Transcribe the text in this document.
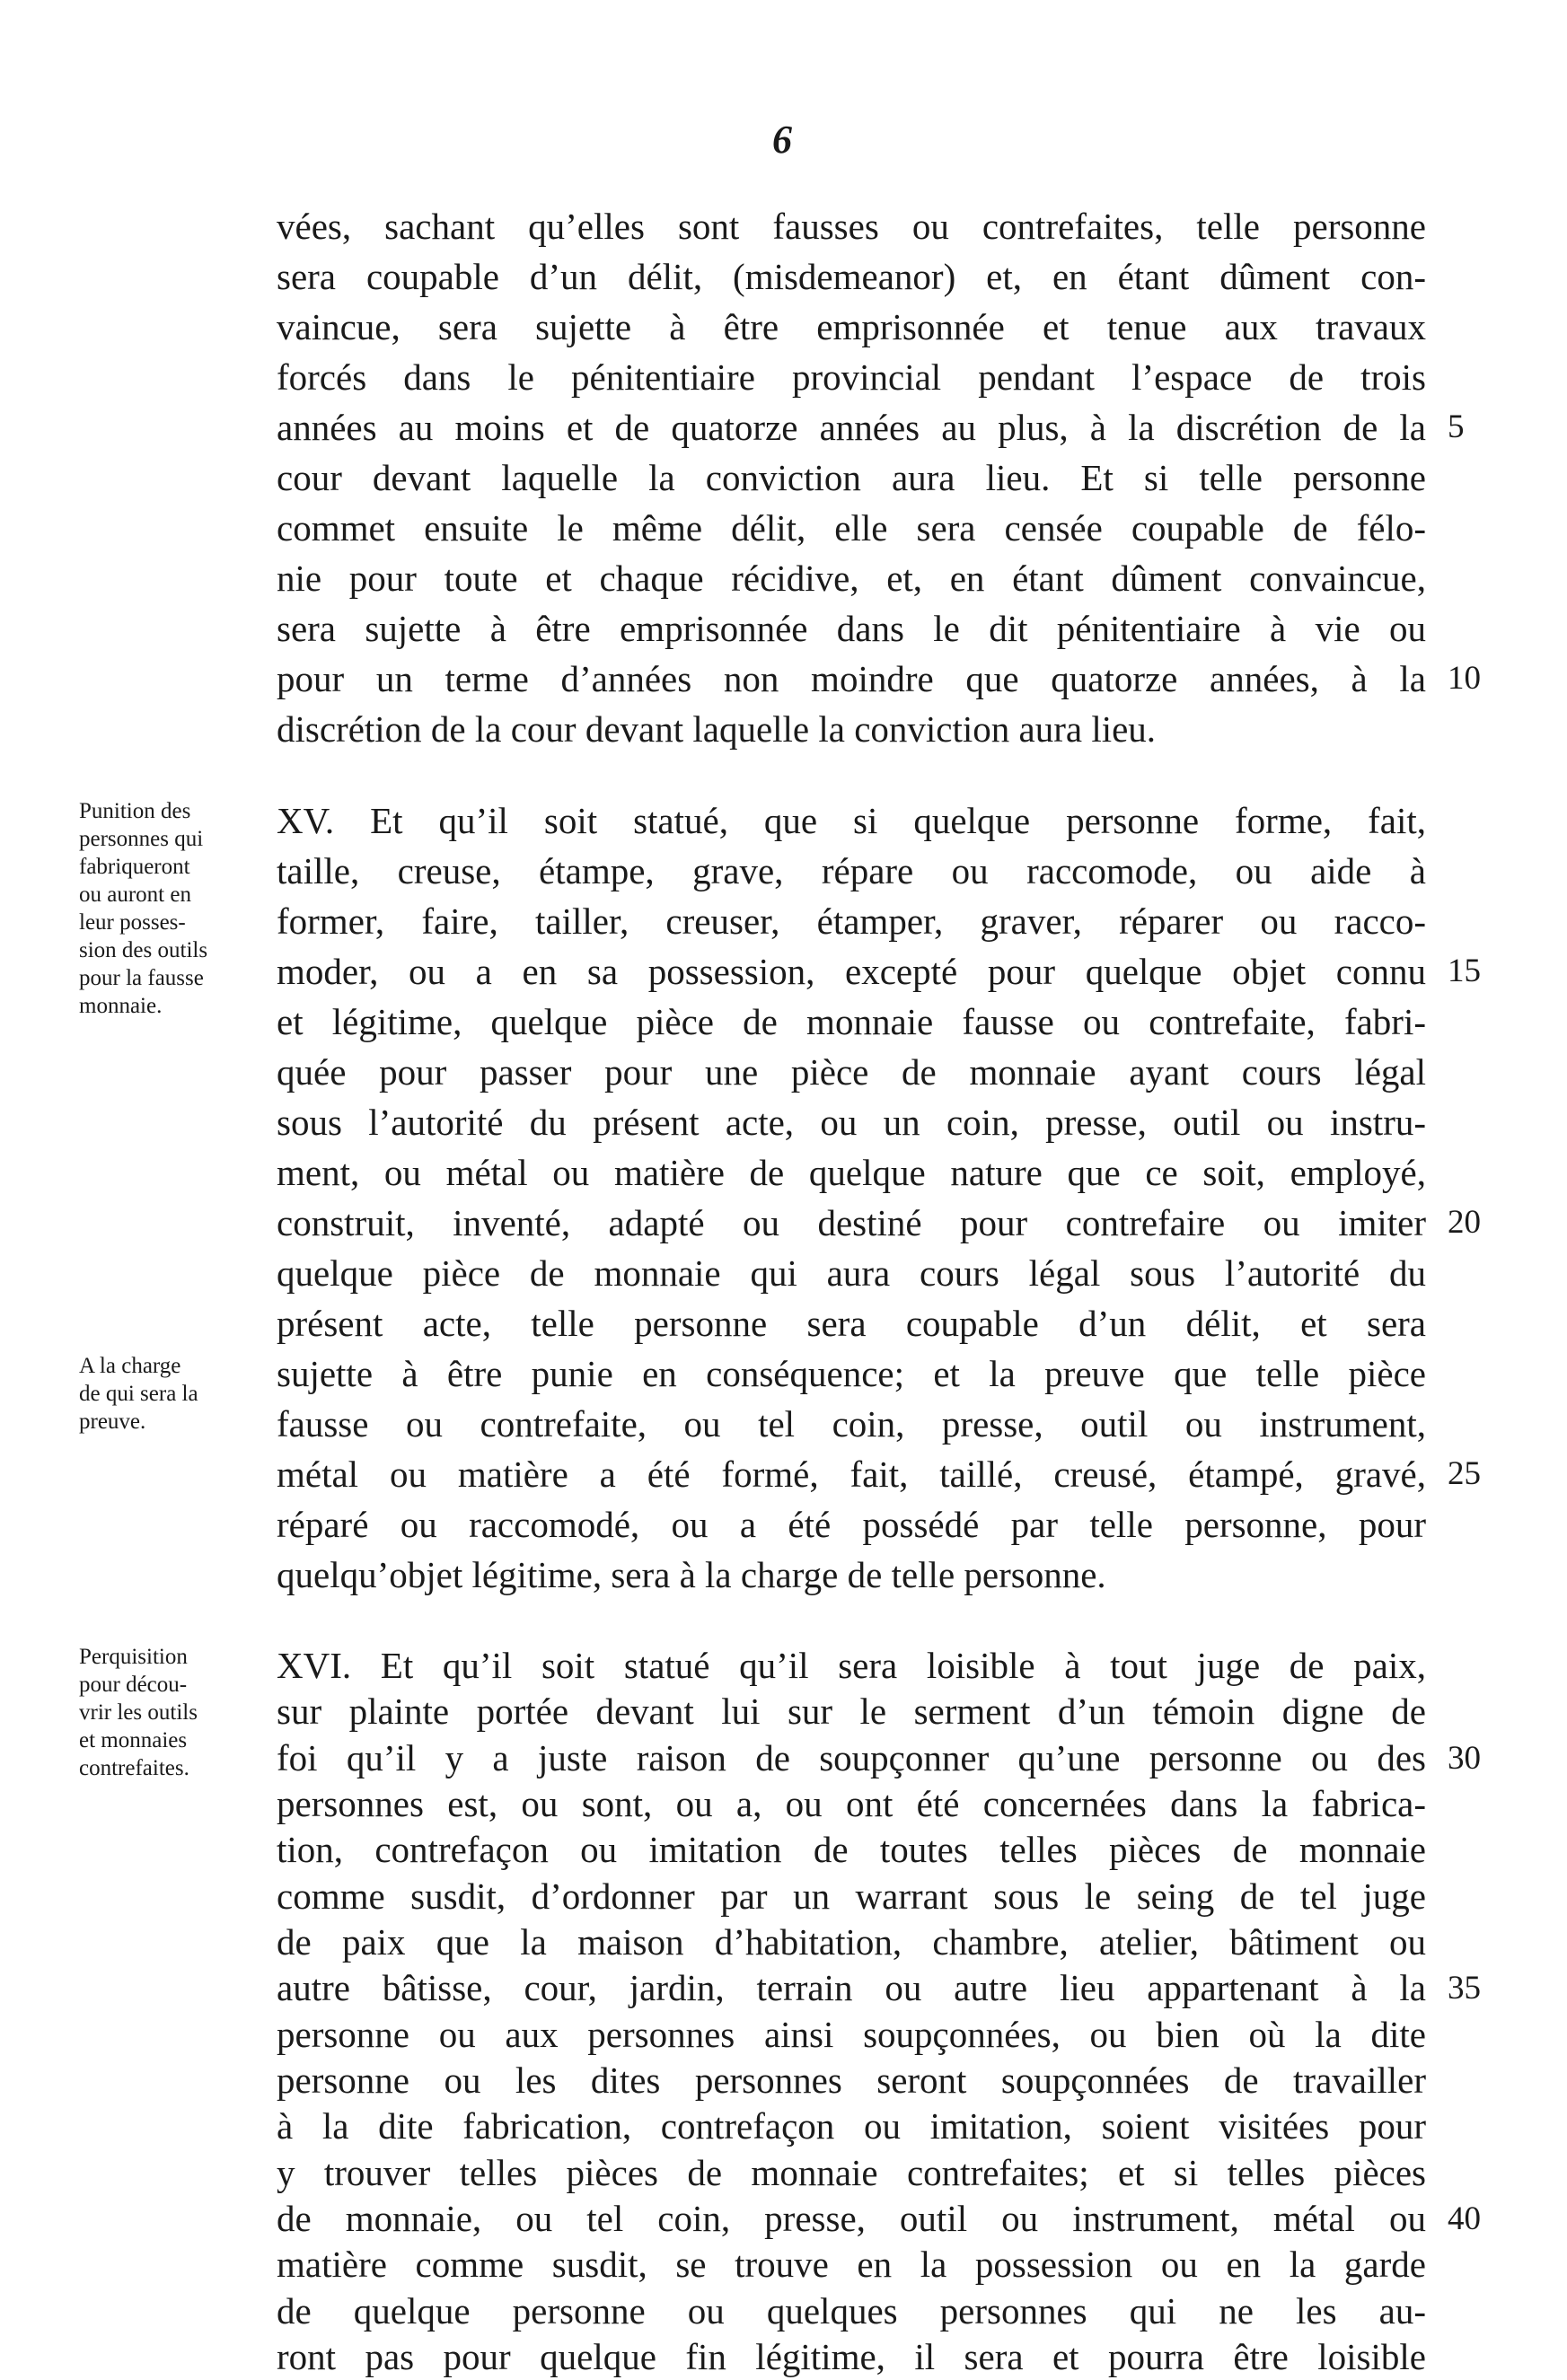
6
vées, sachant qu’elles sont fausses ou contrefaites, telle personne
sera coupable d’un délit, (misdemeanor) et, en étant dûment con-
vaincue, sera sujette à être emprisonnée et tenue aux travaux
forcés dans le pénitentiaire provincial pendant l’espace de trois
années au moins et de quatorze années au plus, à la discrétion de la
cour devant laquelle la conviction aura lieu. Et si telle personne
commet ensuite le même délit, elle sera censée coupable de félo-
nie pour toute et chaque récidive, et, en étant dûment convaincue,
sera sujette à être emprisonnée dans le dit pénitentiaire à vie ou
pour un terme d’années non moindre que quatorze années, à la
discrétion de la cour devant laquelle la conviction aura lieu.
XV. Et qu’il soit statué, que si quelque personne forme, fait,
taille, creuse, étampe, grave, répare ou raccomode, ou aide à
former, faire, tailler, creuser, étamper, graver, réparer ou racco-
moder, ou a en sa possession, excepté pour quelque objet connu
et légitime, quelque pièce de monnaie fausse ou contrefaite, fabri-
quée pour passer pour une pièce de monnaie ayant cours légal
sous l’autorité du présent acte, ou un coin, presse, outil ou instru-
ment, ou métal ou matière de quelque nature que ce soit, employé,
construit, inventé, adapté ou destiné pour contrefaire ou imiter
quelque pièce de monnaie qui aura cours légal sous l’autorité du
présent acte, telle personne sera coupable d’un délit, et sera
sujette à être punie en conséquence; et la preuve que telle pièce
fausse ou contrefaite, ou tel coin, presse, outil ou instrument,
métal ou matière a été formé, fait, taillé, creusé, étampé, gravé,
réparé ou raccomodé, ou a été possédé par telle personne, pour
quelqu’objet légitime, sera à la charge de telle personne.
XVI. Et qu’il soit statué qu’il sera loisible à tout juge de paix,
sur plainte portée devant lui sur le serment d’un témoin digne de
foi qu’il y a juste raison de soupçonner qu’une personne ou des
personnes est, ou sont, ou a, ou ont été concernées dans la fabrica-
tion, contrefaçon ou imitation de toutes telles pièces de monnaie
comme susdit, d’ordonner par un warrant sous le seing de tel juge
de paix que la maison d’habitation, chambre, atelier, bâtiment ou
autre bâtisse, cour, jardin, terrain ou autre lieu appartenant à la
personne ou aux personnes ainsi soupçonnées, ou bien où la dite
personne ou les dites personnes seront soupçonnées de travailler
à la dite fabrication, contrefaçon ou imitation, soient visitées pour
y trouver telles pièces de monnaie contrefaites; et si telles pièces
de monnaie, ou tel coin, presse, outil ou instrument, métal ou
matière comme susdit, se trouve en la possession ou en la garde
de quelque personne ou quelques personnes qui ne les au-
ront pas pour quelque fin légitime, il sera et pourra être loisible
5
10
15
20
25
30
35
40
Punition des
personnes qui
fabriqueront
ou auront en
leur posses-
sion des outils
pour la fausse
monnaie.
A la charge
de qui sera la
preuve.
Perquisition
pour décou-
vrir les outils
et monnaies
contrefaites.
